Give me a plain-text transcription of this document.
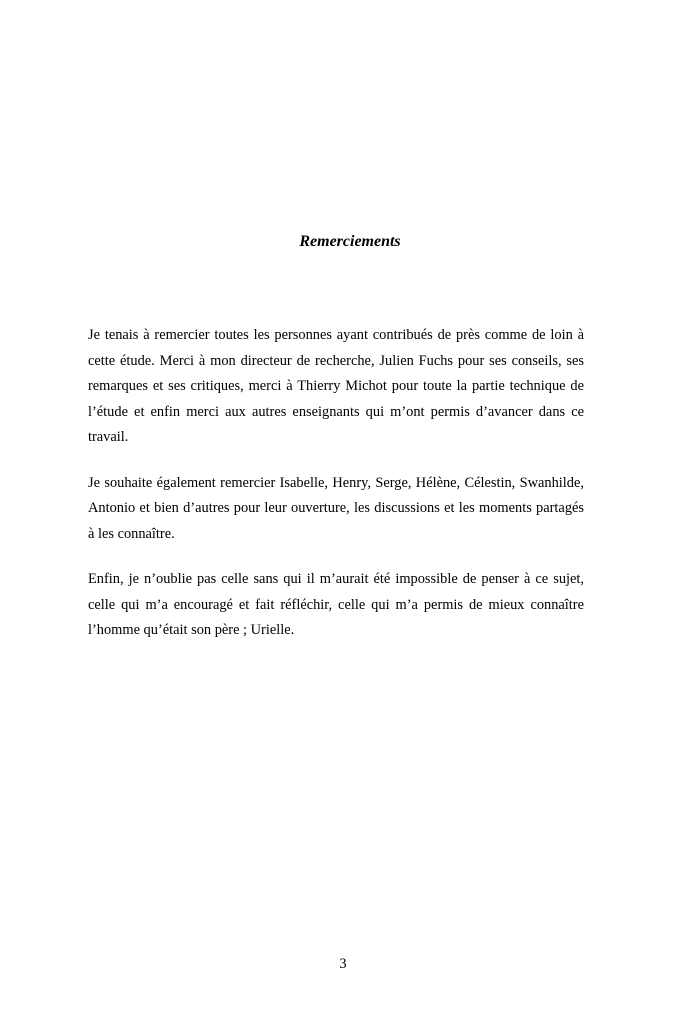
Remerciements

Je tenais à remercier toutes les personnes ayant contribués de près comme de loin à cette étude. Merci à mon directeur de recherche, Julien Fuchs pour ses conseils, ses remarques et ses critiques, merci à Thierry Michot pour toute la partie technique de l’étude et enfin merci aux autres enseignants qui m’ont permis d’avancer dans ce travail.

Je souhaite également remercier Isabelle, Henry, Serge, Hélène, Célestin, Swanhilde, Antonio et bien d’autres pour leur ouverture, les discussions et les moments partagés à les connaître.

Enfin, je n’oublie pas celle sans qui il m’aurait été impossible de penser à ce sujet, celle qui m’a encouragé et fait réfléchir, celle qui m’a permis de mieux connaître l’homme qu’était son père ; Urielle.

3
